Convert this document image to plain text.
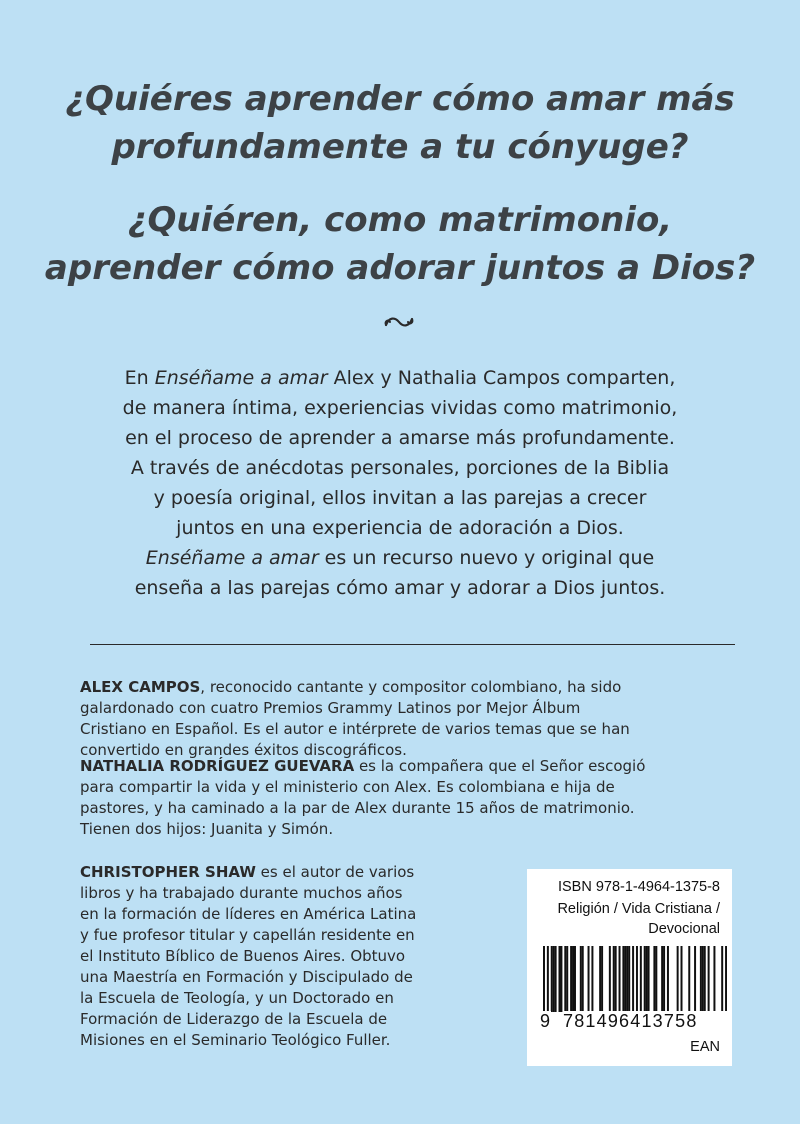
¿Quiéres aprender cómo amar más
profundamente a tu cónyuge?
¿Quiéren, como matrimonio,
aprender cómo adorar juntos a Dios?

En Enséñame a amar Alex y Nathalia Campos comparten,
de manera íntima, experiencias vividas como matrimonio,
en el proceso de aprender a amarse más profundamente.
A través de anécdotas personales, porciones de la Biblia
y poesía original, ellos invitan a las parejas a crecer
juntos en una experiencia de adoración a Dios.
Enséñame a amar es un recurso nuevo y original que
enseña a las parejas cómo amar y adorar a Dios juntos.

ALEX CAMPOS, reconocido cantante y compositor colombiano, ha sido
galardonado con cuatro Premios Grammy Latinos por Mejor Álbum
Cristiano en Español. Es el autor e intérprete de varios temas que se han
convertido en grandes éxitos discográficos.

NATHALIA RODRÍGUEZ GUEVARA es la compañera que el Señor escogió
para compartir la vida y el ministerio con Alex. Es colombiana e hija de
pastores, y ha caminado a la par de Alex durante 15 años de matrimonio.
Tienen dos hijos: Juanita y Simón.

CHRISTOPHER SHAW es el autor de varios
libros y ha trabajado durante muchos años
en la formación de líderes en América Latina
y fue profesor titular y capellán residente en
el Instituto Bíblico de Buenos Aires. Obtuvo
una Maestría en Formación y Discipulado de
la Escuela de Teología, y un Doctorado en
Formación de Liderazgo de la Escuela de
Misiones en el Seminario Teológico Fuller.

ISBN 978-1-4964-1375-8
Religión / Vida Cristiana /
Devocional
9 781496413758
EAN
